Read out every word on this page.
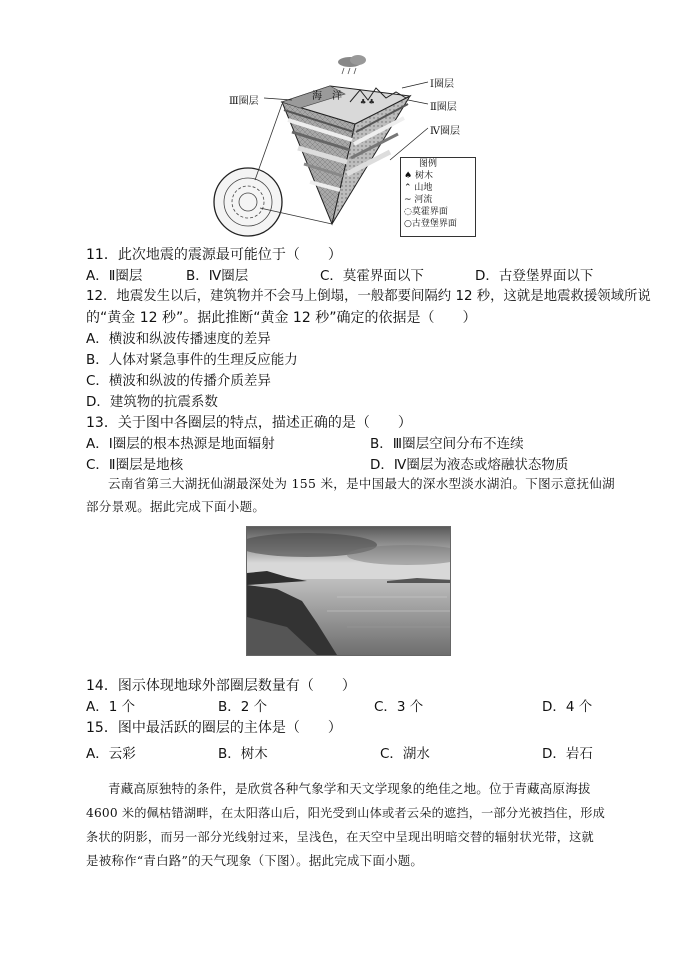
♣ ♣
Ⅲ圈层	海　洋
Ⅰ圈层
Ⅱ圈层
Ⅳ圈层
图例
♠ 树木
⌃ 山地
~ 河流
◌莫霍界面
○古登堡界面
11．此次地震的震源最可能位于（　　）
A．Ⅱ圈层	B．Ⅳ圈层	C．莫霍界面以下	D．古登堡界面以下
12．地震发生以后，建筑物并不会马上倒塌，一般都要间隔约 12 秒，这就是地震救援领域所说
的“黄金 12 秒”。据此推断“黄金 12 秒”确定的依据是（　　）
A．横波和纵波传播速度的差异
B．人体对紧急事件的生理反应能力
C．横波和纵波的传播介质差异
D．建筑物的抗震系数
13．关于图中各圈层的特点，描述正确的是（　　）
A．Ⅰ圈层的根本热源是地面辐射	B．Ⅲ圈层空间分布不连续
C．Ⅱ圈层是地核	D．Ⅳ圈层为液态或熔融状态物质
云南省第三大湖抚仙湖最深处为 155 米，是中国最大的深水型淡水湖泊。下图示意抚仙湖
部分景观。据此完成下面小题。
14．图示体现地球外部圈层数量有（　　）
A．1 个	B．2 个	C．3 个	D．4 个
15．图中最活跃的圈层的主体是（　　）
A．云彩	B．树木	C．湖水	D．岩石
青藏高原独特的条件，是欣赏各种气象学和天文学现象的绝佳之地。位于青藏高原海拔
4600 米的佩枯错湖畔，在太阳落山后，阳光受到山体或者云朵的遮挡，一部分光被挡住，形成
条状的阴影，而另一部分光线射过来，呈浅色，在天空中呈现出明暗交替的辐射状光带，这就
是被称作“青白路”的天气现象（下图）。据此完成下面小题。
